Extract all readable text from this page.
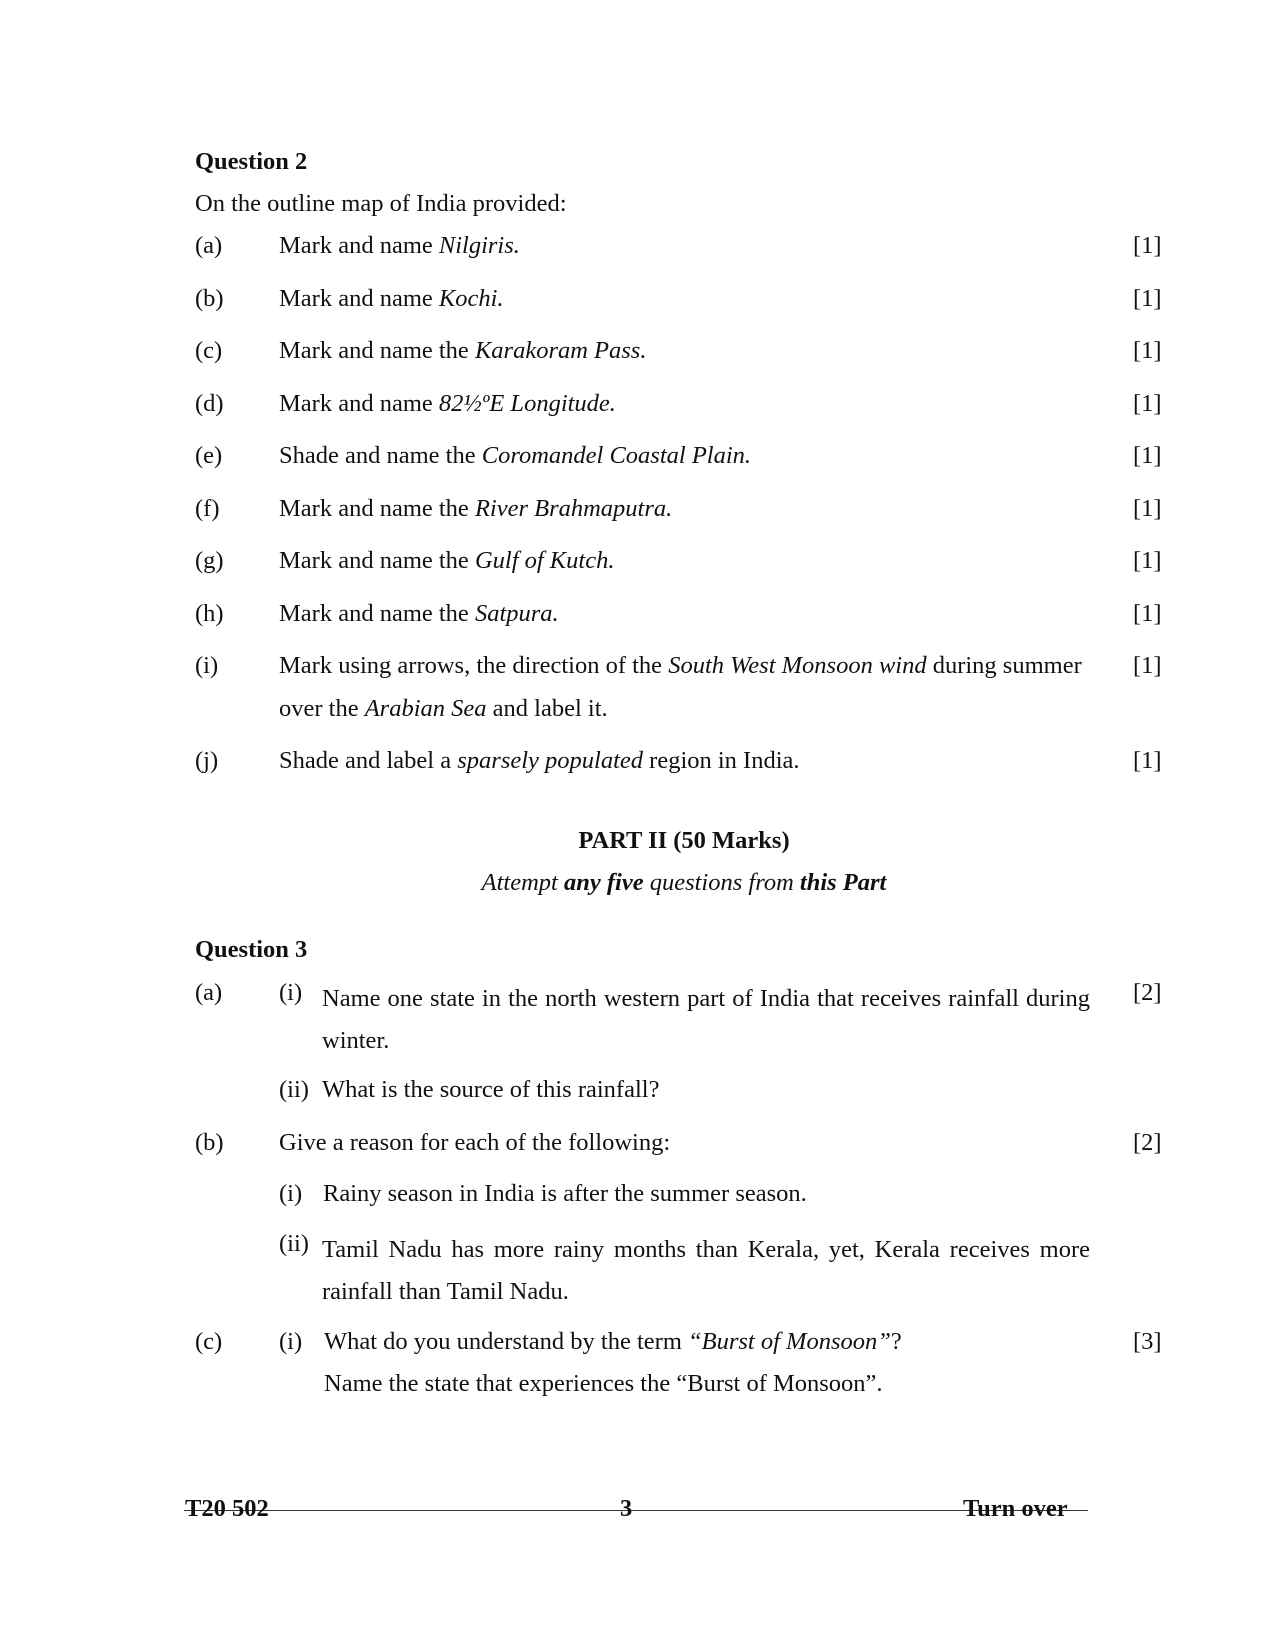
Question 2
On the outline map of India provided:
(a) Mark and name Nilgiris.	[1]
(b) Mark and name Kochi.	[1]
(c) Mark and name the Karakoram Pass.	[1]
(d) Mark and name 82½ºE Longitude.	[1]
(e) Shade and name the Coromandel Coastal Plain.	[1]
(f) Mark and name the River Brahmaputra.	[1]
(g) Mark and name the Gulf of Kutch.	[1]
(h) Mark and name the Satpura.	[1]
(i) Mark using arrows, the direction of the South West Monsoon wind during summer
over the Arabian Sea and label it.
[1]
(j) Shade and label a sparsely populated region in India.	[1]
PART II (50 Marks)
Attempt any five questions from this Part
Question 3
(a) (i) Name one state in the north western part of India that receives rainfall during winter.
[2]
(ii) What is the source of this rainfall?
(b) Give a reason for each of the following:	[2]
(i) Rainy season in India is after the summer season.
(ii) Tamil Nadu has more rainy months than Kerala, yet, Kerala receives more rainfall than Tamil Nadu.
(c) (i) What do you understand by the term “Burst of Monsoon”?	[3]
Name the state that experiences the “Burst of Monsoon”.
T20 502	3	Turn over
